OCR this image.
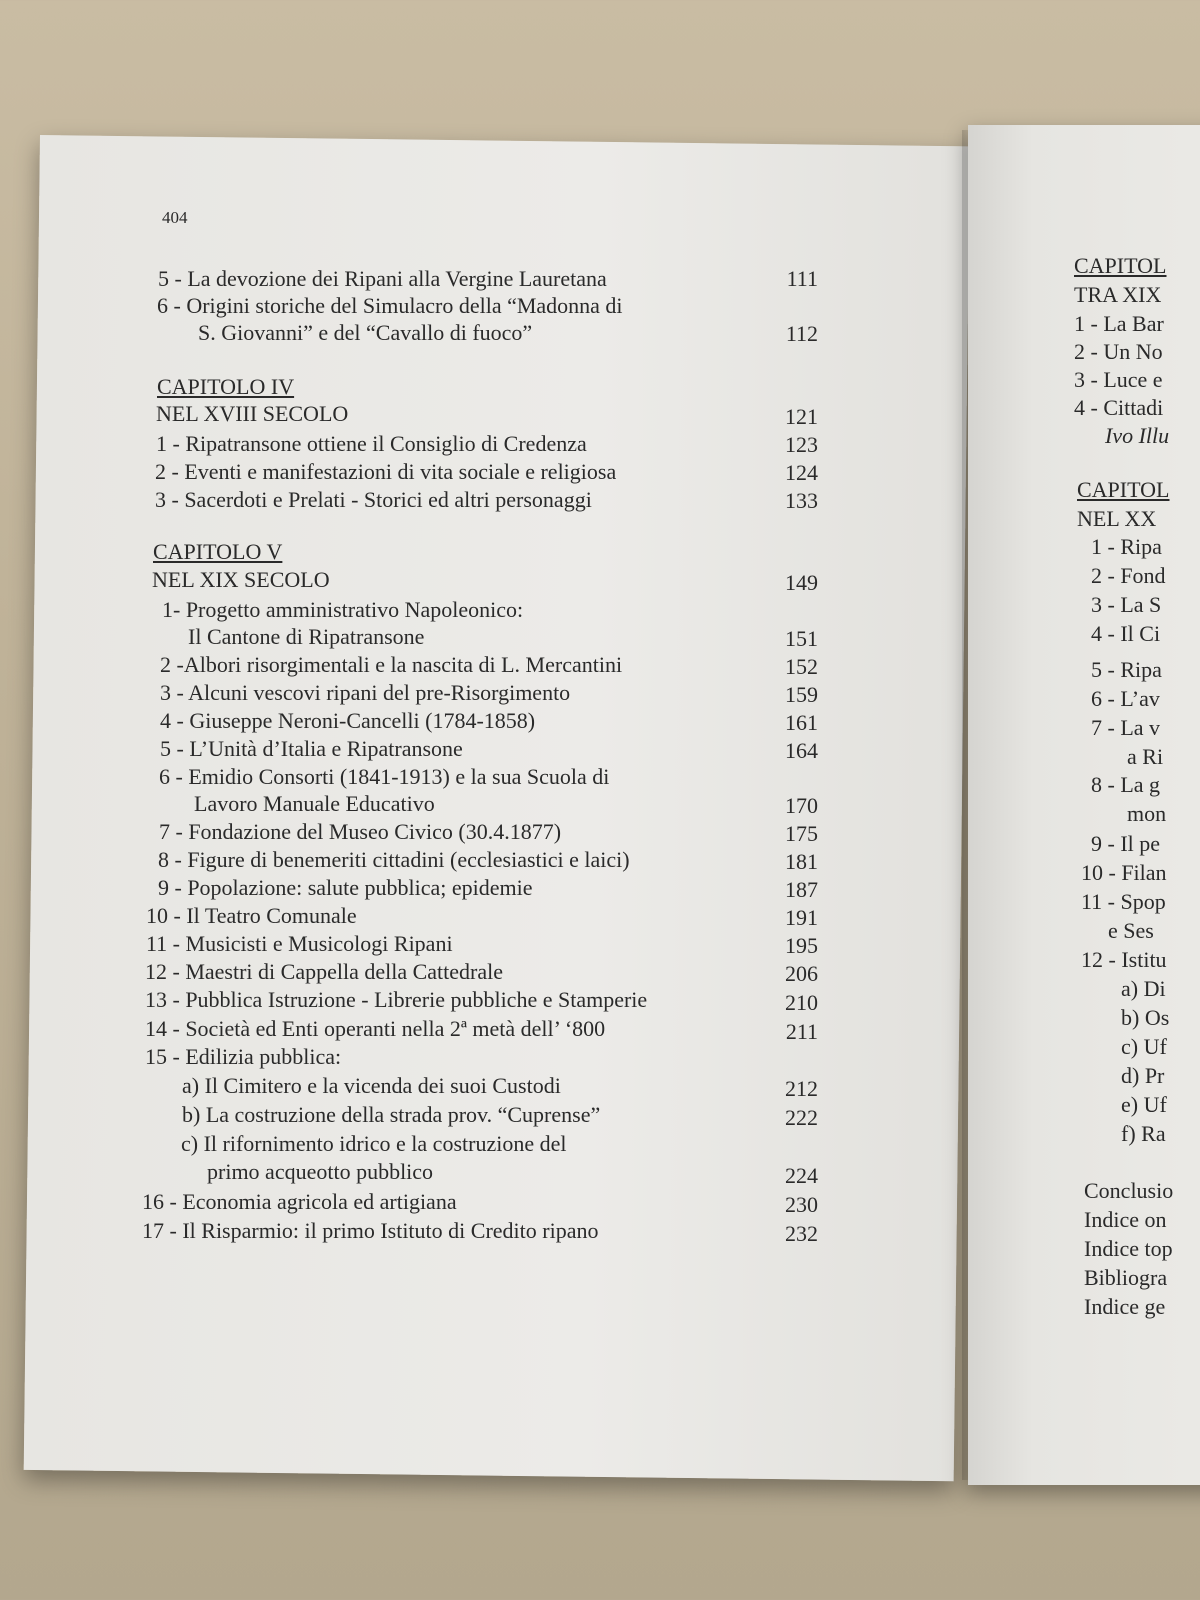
404
5 - La devozione dei Ripani alla Vergine Lauretana	111
6 - Origini storiche del Simulacro della “Madonna di
S. Giovanni” e del “Cavallo di fuoco”	112
CAPITOLO IV
NEL XVIII SECOLO	121
1 - Ripatransone ottiene il Consiglio di Credenza	123
2 - Eventi e manifestazioni di vita sociale e religiosa	124
3 - Sacerdoti e Prelati - Storici ed altri personaggi	133
CAPITOLO V
NEL XIX SECOLO	149
1- Progetto amministrativo Napoleonico:
Il Cantone di Ripatransone	151
2 -Albori risorgimentali e la nascita di L. Mercantini	152
3 - Alcuni vescovi ripani del pre-Risorgimento	159
4 - Giuseppe Neroni-Cancelli (1784-1858)	161
5 - L’Unità d’Italia e Ripatransone	164
6 - Emidio Consorti (1841-1913) e la sua Scuola di
Lavoro Manuale Educativo	170
7 - Fondazione del Museo Civico (30.4.1877)	175
8 - Figure di benemeriti cittadini (ecclesiastici e laici)	181
9 - Popolazione: salute pubblica; epidemie	187
10 - Il Teatro Comunale	191
11 - Musicisti e Musicologi Ripani	195
12 - Maestri di Cappella della Cattedrale	206
13 - Pubblica Istruzione - Librerie pubbliche e Stamperie	210
14 - Società ed Enti operanti nella 2ª metà dell’ ‘800	211
15 - Edilizia pubblica:
a) Il Cimitero e la vicenda dei suoi Custodi	212
b) La costruzione della strada prov. “Cuprense”	222
c) Il rifornimento idrico e la costruzione del
primo acqueotto pubblico	224
16 - Economia agricola ed artigiana	230
17 - Il Risparmio: il primo Istituto di Credito ripano	232
CAPITOL
TRA XIX
1 - La Bar
2 - Un No
3 - Luce e
4 - Cittadi
Ivo Illu
CAPITOL
NEL XX
1 - Ripa
2 - Fond
3 - La S
4 - Il Ci
5 - Ripa
6 - L’av
7 - La v
a Ri
8 - La g
mon
9 - Il pe
10 - Filan
11 - Spop
e Ses
12 - Istitu
a) Di
b) Os
c) Uf
d) Pr
e) Uf
f) Ra
Conclusio
Indice on
Indice top
Bibliogra
Indice ge
